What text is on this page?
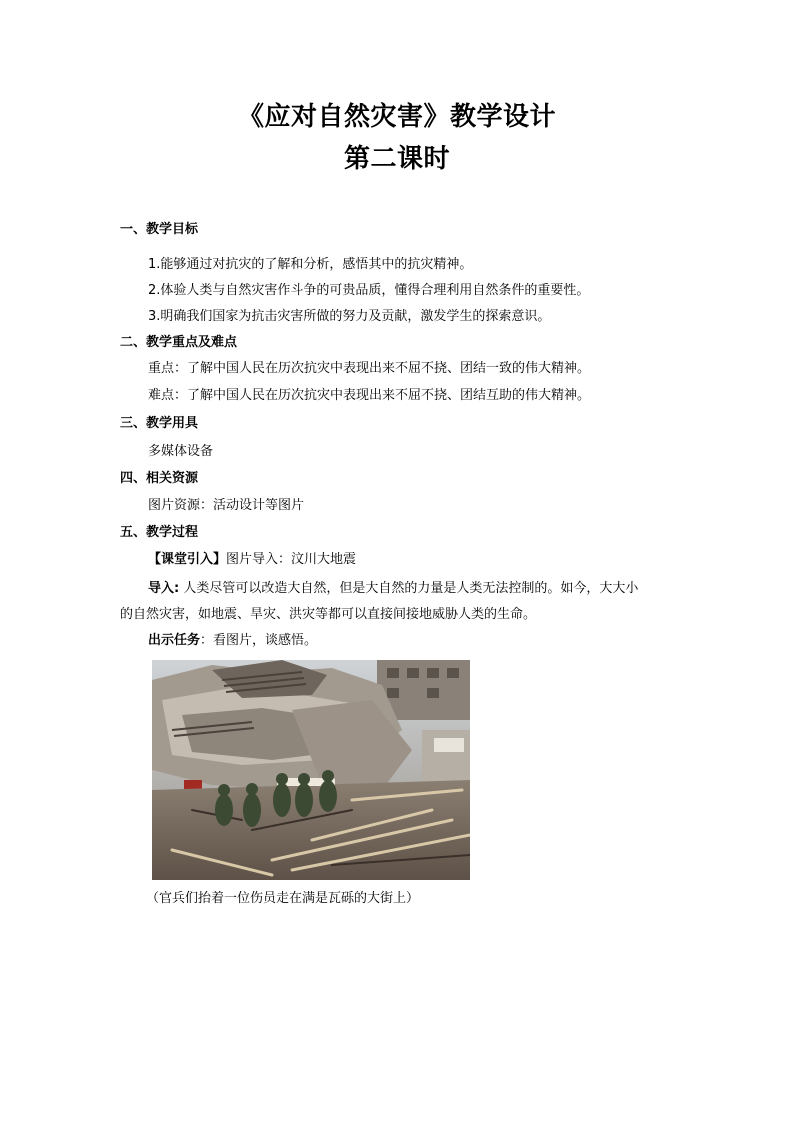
《应对自然灾害》教学设计
第二课时
一、教学目标
1.能够通过对抗灾的了解和分析，感悟其中的抗灾精神。
2.体验人类与自然灾害作斗争的可贵品质，懂得合理利用自然条件的重要性。
3.明确我们国家为抗击灾害所做的努力及贡献，激发学生的探索意识。
二、教学重点及难点
重点：了解中国人民在历次抗灾中表现出来不屈不挠、团结一致的伟大精神。
难点：了解中国人民在历次抗灾中表现出来不屈不挠、团结互助的伟大精神。
三、教学用具
多媒体设备
四、相关资源
图片资源：活动设计等图片
五、教学过程
【课堂引入】图片导入：汶川大地震
导入: 人类尽管可以改造大自然，但是大自然的力量是人类无法控制的。如今，大大小
的自然灾害，如地震、旱灾、洪灾等都可以直接间接地威胁人类的生命。
出示任务：看图片，谈感悟。
（官兵们抬着一位伤员走在满是瓦砾的大街上）
